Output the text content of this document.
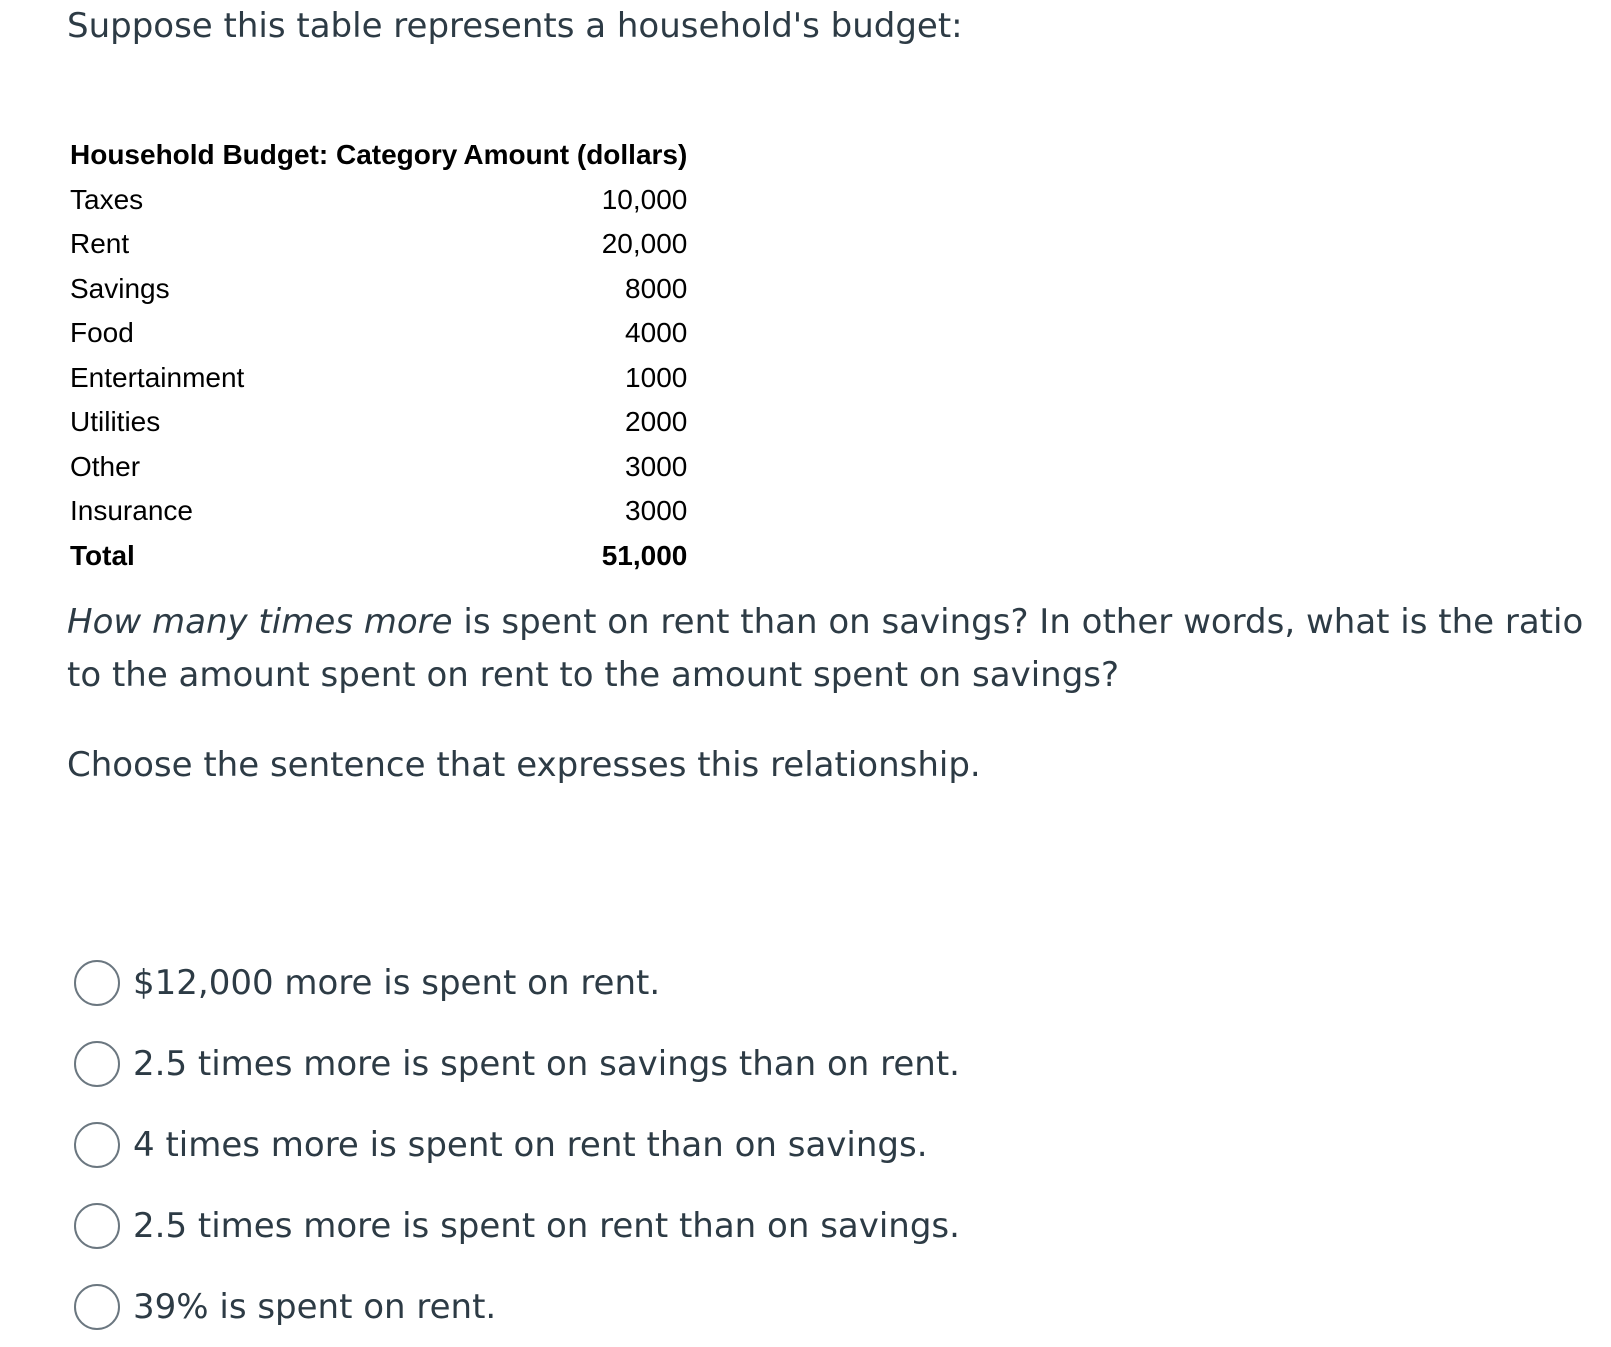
Suppose this table represents a household's budget:

Household Budget: Category	Amount (dollars)
Taxes	10,000
Rent	20,000
Savings	8000
Food	4000
Entertainment	1000
Utilities	2000
Other	3000
Insurance	3000
Total	51,000

How many times more is spent on rent than on savings? In other words, what is the ratio to the amount spent on rent to the amount spent on savings?

Choose the sentence that expresses this relationship.

$12,000 more is spent on rent.
2.5 times more is spent on savings than on rent.
4 times more is spent on rent than on savings.
2.5 times more is spent on rent than on savings.
39% is spent on rent.
